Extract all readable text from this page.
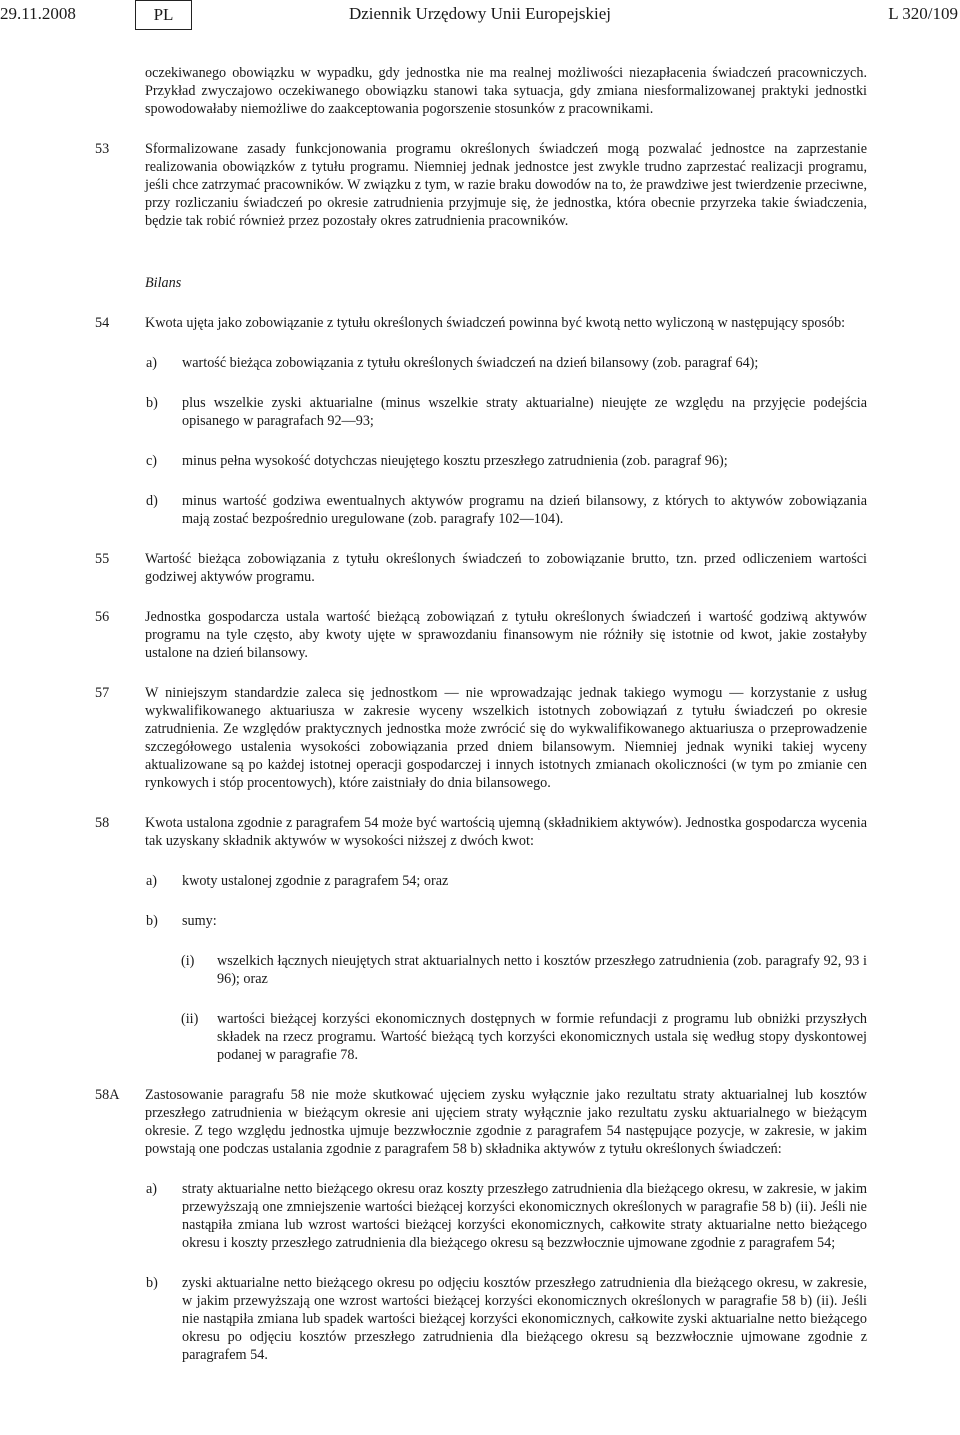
29.11.2008	PL	Dziennik Urzędowy Unii Europejskiej	L 320/109
oczekiwanego obowiązku w wypadku, gdy jednostka nie ma realnej możliwości niezapłacenia świadczeń pracowniczych. Przykład zwyczajowo oczekiwanego obowiązku stanowi taka sytuacja, gdy zmiana niesformalizowanej praktyki jednostki spowodowałaby niemożliwe do zaakceptowania pogorszenie stosunków z pracownikami.
53	Sformalizowane zasady funkcjonowania programu określonych świadczeń mogą pozwalać jednostce na zaprzestanie realizowania obowiązków z tytułu programu. Niemniej jednak jednostce jest zwykle trudno zaprzestać realizacji programu, jeśli chce zatrzymać pracowników. W związku z tym, w razie braku dowodów na to, że prawdziwe jest twierdzenie przeciwne, przy rozliczaniu świadczeń po okresie zatrudnienia przyjmuje się, że jednostka, która obecnie przyrzeka takie świadczenia, będzie tak robić również przez pozostały okres zatrudnienia pracowników.
Bilans
54	Kwota ujęta jako zobowiązanie z tytułu określonych świadczeń powinna być kwotą netto wyliczoną w następujący sposób:
a) wartość bieżąca zobowiązania z tytułu określonych świadczeń na dzień bilansowy (zob. paragraf 64);
b) plus wszelkie zyski aktuarialne (minus wszelkie straty aktuarialne) nieujęte ze względu na przyjęcie podejścia opisanego w paragrafach 92—93;
c) minus pełna wysokość dotychczas nieujętego kosztu przeszłego zatrudnienia (zob. paragraf 96);
d) minus wartość godziwa ewentualnych aktywów programu na dzień bilansowy, z których to aktywów zobowiązania mają zostać bezpośrednio uregulowane (zob. paragrafy 102—104).
55	Wartość bieżąca zobowiązania z tytułu określonych świadczeń to zobowiązanie brutto, tzn. przed odliczeniem wartości godziwej aktywów programu.
56	Jednostka gospodarcza ustala wartość bieżącą zobowiązań z tytułu określonych świadczeń i wartość godziwą aktywów programu na tyle często, aby kwoty ujęte w sprawozdaniu finansowym nie różniły się istotnie od kwot, jakie zostałyby ustalone na dzień bilansowy.
57	W niniejszym standardzie zaleca się jednostkom — nie wprowadzając jednak takiego wymogu — korzystanie z usług wykwalifikowanego aktuariusza w zakresie wyceny wszelkich istotnych zobowiązań z tytułu świadczeń po okresie zatrudnienia. Ze względów praktycznych jednostka może zwrócić się do wykwalifikowanego aktuariusza o przeprowadzenie szczegółowego ustalenia wysokości zobowiązania przed dniem bilansowym. Niemniej jednak wyniki takiej wyceny aktualizowane są po każdej istotnej operacji gospodarczej i innych istotnych zmianach okoliczności (w tym po zmianie cen rynkowych i stóp procentowych), które zaistniały do dnia bilansowego.
58	Kwota ustalona zgodnie z paragrafem 54 może być wartością ujemną (składnikiem aktywów). Jednostka gospodarcza wycenia tak uzyskany składnik aktywów w wysokości niższej z dwóch kwot:
a) kwoty ustalonej zgodnie z paragrafem 54; oraz
b) sumy:
(i) wszelkich łącznych nieujętych strat aktuarialnych netto i kosztów przeszłego zatrudnienia (zob. paragrafy 92, 93 i 96); oraz
(ii) wartości bieżącej korzyści ekonomicznych dostępnych w formie refundacji z programu lub obniżki przyszłych składek na rzecz programu. Wartość bieżącą tych korzyści ekonomicznych ustala się według stopy dyskontowej podanej w paragrafie 78.
58A Zastosowanie paragrafu 58 nie może skutkować ujęciem zysku wyłącznie jako rezultatu straty aktuarialnej lub kosztów przeszłego zatrudnienia w bieżącym okresie ani ujęciem straty wyłącznie jako rezultatu zysku aktuarialnego w bieżącym okresie. Z tego względu jednostka ujmuje bezzwłocznie zgodnie z paragrafem 54 następujące pozycje, w zakresie, w jakim powstają one podczas ustalania zgodnie z paragrafem 58 b) składnika aktywów z tytułu określonych świadczeń:
a) straty aktuarialne netto bieżącego okresu oraz koszty przeszłego zatrudnienia dla bieżącego okresu, w zakresie, w jakim przewyższają one zmniejszenie wartości bieżącej korzyści ekonomicznych określonych w paragrafie 58 b) (ii). Jeśli nie nastąpiła zmiana lub wzrost wartości bieżącej korzyści ekonomicznych, całkowite straty aktuarialne netto bieżącego okresu i koszty przeszłego zatrudnienia dla bieżącego okresu są bezzwłocznie ujmowane zgodnie z paragrafem 54;
b) zyski aktuarialne netto bieżącego okresu po odjęciu kosztów przeszłego zatrudnienia dla bieżącego okresu, w zakresie, w jakim przewyższają one wzrost wartości bieżącej korzyści ekonomicznych określonych w paragrafie 58 b) (ii). Jeśli nie nastąpiła zmiana lub spadek wartości bieżącej korzyści ekonomicznych, całkowite zyski aktuarialne netto bieżącego okresu po odjęciu kosztów przeszłego zatrudnienia dla bieżącego okresu są bezzwłocznie ujmowane zgodnie z paragrafem 54.
